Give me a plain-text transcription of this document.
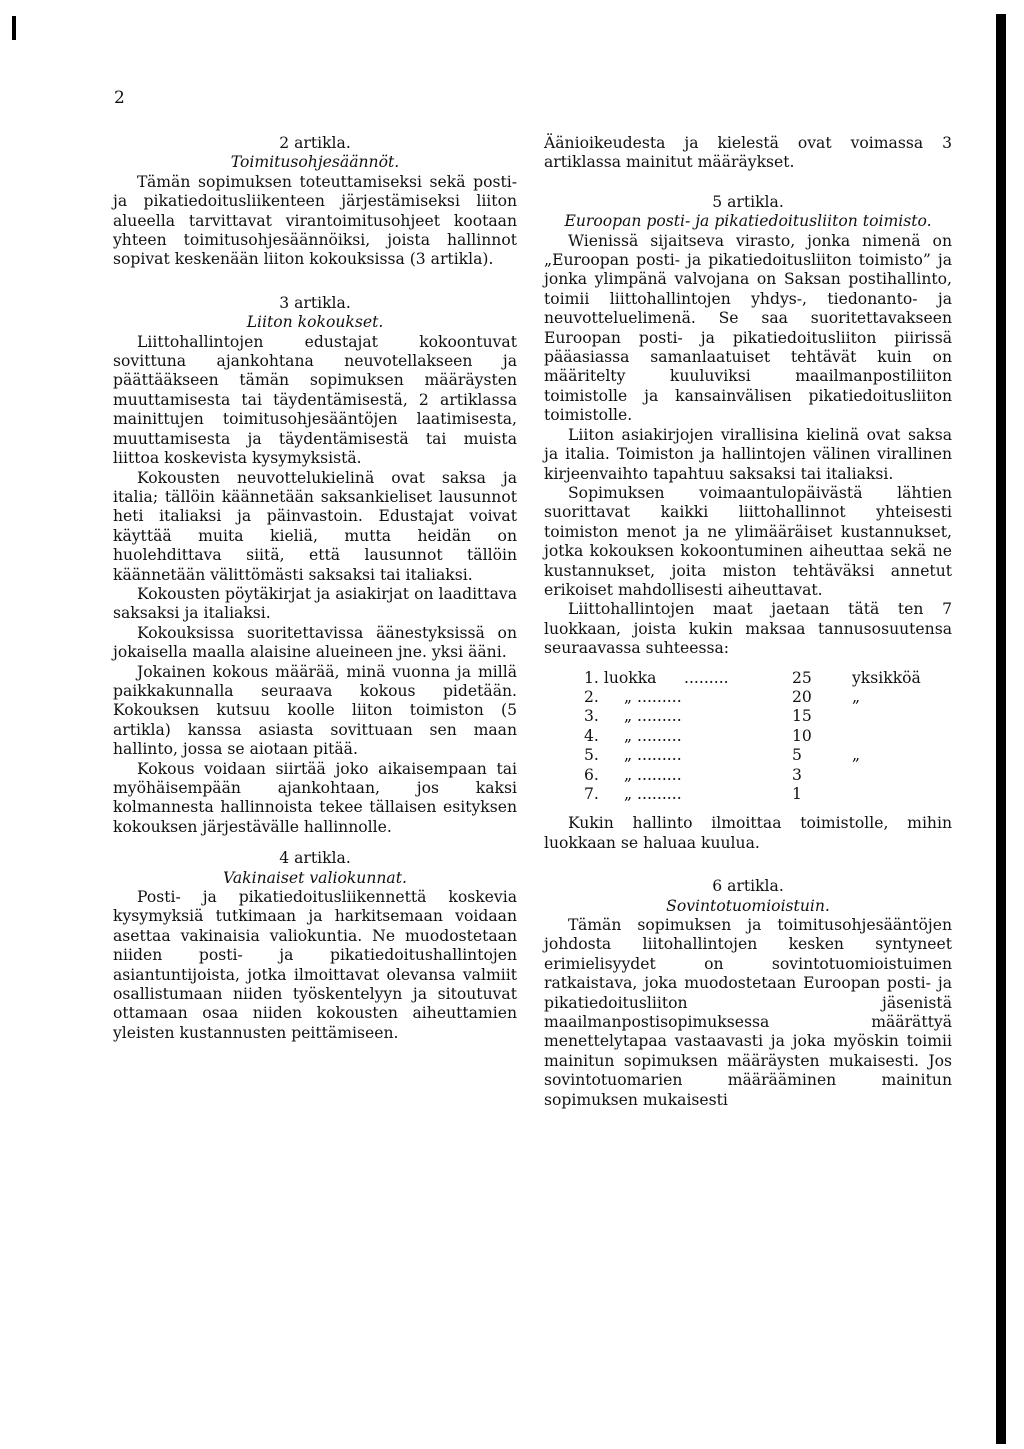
2
2 artikla.
Toimitusohjesäännöt.

Tämän sopimuksen toteuttamiseksi sekä posti- ja pikatiedoitusliikenteen järjestämiseksi liiton alueella tarvittavat virantoimitusohjeet kootaan yhteen toimitusohjesäännöiksi, joista hallinnot sopivat keskenään liiton kokouksissa (3 artikla).

3 artikla.
Liiton kokoukset.

Liittohallintojen edustajat kokoontuvat sovittuna ajankohtana neuvotellakseen ja päättääkseen tämän sopimuksen määräysten muuttamisesta tai täydentämisestä, 2 artiklassa mainittujen toimitusohjesääntöjen laatimisesta, muuttamisesta ja täydentämisestä tai muista liittoa koskevista kysymyksistä.

Kokousten neuvottelukielinä ovat saksa ja italia; tällöin käännetään saksankieliset lausunnot heti italiaksi ja päinvastoin. Edustajat voivat käyttää muita kieliä, mutta heidän on huolehdittava siitä, että lausunnot tällöin käännetään välittömästi saksaksi tai italiaksi.

Kokousten pöytäkirjat ja asiakirjat on laadittava saksaksi ja italiaksi.

Kokouksissa suoritettavissa äänestyksissä on jokaisella maalla alaisine alueineen jne. yksi ääni.

Jokainen kokous määrää, minä vuonna ja millä paikkakunnalla seuraava kokous pidetään. Kokouksen kutsuu koolle liiton toimiston (5 artikla) kanssa asiasta sovittuaan sen maan hallinto, jossa se aiotaan pitää.

Kokous voidaan siirtää joko aikaisempaan tai myöhäisempään ajankohtaan, jos kaksi kolmannesta hallinnoista tekee tällaisen esityksen kokouksen järjestävälle hallinnolle.

4 artikla.
Vakinaiset valiokunnat.

Posti- ja pikatiedoitusliikennettä koskevia kysymyksiä tutkimaan ja harkitsemaan voidaan asettaa vakinaisia valiokuntia. Ne muodostetaan niiden posti- ja pikatiedoitushallintojen asiantuntijoista, jotka ilmoittavat olevansa valmiit osallistumaan niiden työskentelyyn ja sitoutuvat ottamaan osaa niiden kokousten aiheuttamien yleisten kustannusten peittämiseen.

Äänioikeudesta ja kielestä ovat voimassa 3 artiklassa mainitut määräykset.

5 artikla.
Euroopan posti- ja pikatiedoitusliiton toimisto.

Wienissä sijaitseva virasto, jonka nimenä on „Euroopan posti- ja pikatiedoitusliiton toimisto” ja jonka ylimpänä valvojana on Saksan postihallinto, toimii liittohallintojen yhdys-, tiedonanto- ja neuvotteluelimenä. Se saa suoritettavakseen Euroopan posti- ja pikatiedoitusliiton piirissä pääasiassa samanlaatuiset tehtävät kuin on määritelty kuuluviksi maailmanpostiliiton toimistolle ja kansainvälisen pikatiedoitusliiton toimistolle.

Liiton asiakirjojen virallisina kielinä ovat saksa ja italia. Toimiston ja hallintojen välinen virallinen kirjeenvaihto tapahtuu saksaksi tai italiaksi.

Sopimuksen voimaantulopäivästä lähtien suorittavat kaikki liittohallinnot yhteisesti toimiston menot ja ne ylimääräiset kustannukset, jotka kokouksen kokoontuminen aiheuttaa sekä ne kustannukset, joita miston tehtäväksi annetut erikoiset mahdollisesti aiheuttavat.

Liittohallintojen maat jaetaan tätä ten 7 luokkaan, joista kukin maksaa tannusosuutensa seuraavassa suhteessa:

1. luokka	.........	25	yksikköä
2.	„ .........	20	„
3.	„ .........	15
4.	„ .........	10
5.	„ .........	5	„
6.	„ .........	3
7.	„ .........	1

Kukin hallinto ilmoittaa toimistolle, mihin luokkaan se haluaa kuulua.

6 artikla.
Sovintotuomioistuin.

Tämän sopimuksen ja toimitusohjesääntöjen johdosta liitohallintojen kesken syntyneet erimielisyydet on sovintotuomioistuimen ratkaistava, joka muodostetaan Euroopan posti- ja pikatiedoitusliiton jäsenistä maailmanpostisopimuksessa määrättyä menettelytapaa vastaavasti ja joka myöskin toimii mainitun sopimuksen määräysten mukaisesti. Jos sovintotuomarien määrääminen mainitun sopimuksen mukaisesti
